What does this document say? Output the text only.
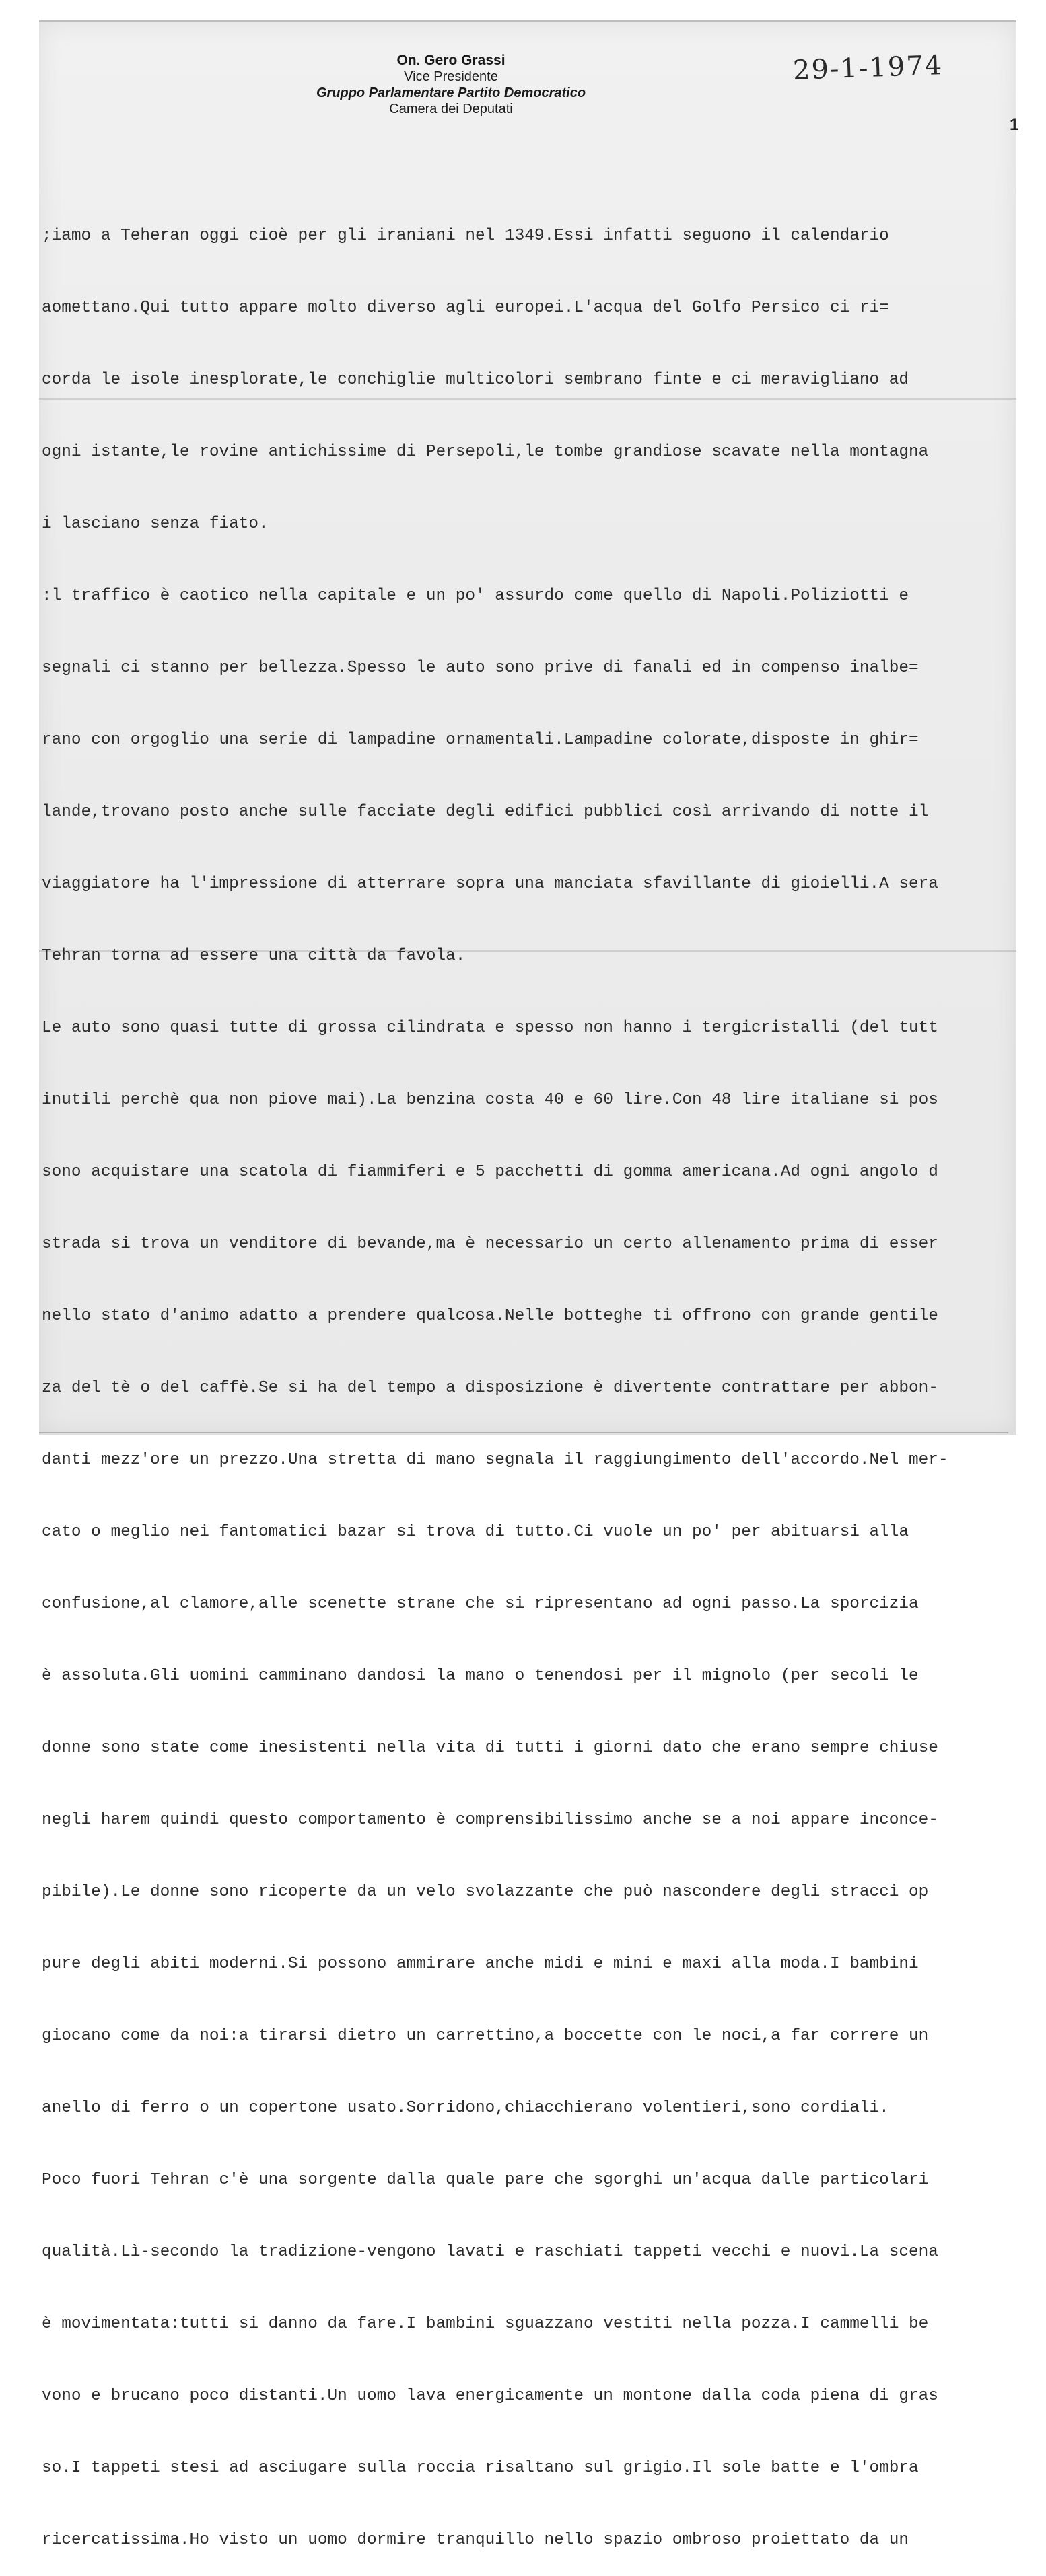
On. Gero Grassi
Vice Presidente
Gruppo Parlamentare Partito Democratico
Camera dei Deputati
29-1-1974
1

;iamo a Teheran oggi cioè per gli iraniani nel 1349.Essi infatti seguono il calendario

aomettano.Qui tutto appare molto diverso agli europei.L'acqua del Golfo Persico ci ri=

corda le isole inesplorate,le conchiglie multicolori sembrano finte e ci meravigliano ad

ogni istante,le rovine antichissime di Persepoli,le tombe grandiose scavate nella montagna

i lasciano senza fiato.

:l traffico è caotico nella capitale e un po' assurdo come quello di Napoli.Poliziotti e

segnali ci stanno per bellezza.Spesso le auto sono prive di fanali ed in compenso inalbe=

rano con orgoglio una serie di lampadine ornamentali.Lampadine colorate,disposte in ghir=

lande,trovano posto anche sulle facciate degli edifici pubblici così arrivando di notte il

viaggiatore ha l'impressione di atterrare sopra una manciata sfavillante di gioielli.A sera

Tehran torna ad essere una città da favola.

Le auto sono quasi tutte di grossa cilindrata e spesso non hanno i tergicristalli (del tutt

inutili perchè qua non piove mai).La benzina costa 40 e 60 lire.Con 48 lire italiane si pos

sono acquistare una scatola di fiammiferi e 5 pacchetti di gomma americana.Ad ogni angolo d

strada si trova un venditore di bevande,ma è necessario un certo allenamento prima di esser

nello stato d'animo adatto a prendere qualcosa.Nelle botteghe ti offrono con grande gentile

za del tè o del caffè.Se si ha del tempo a disposizione è divertente contrattare per abbon-

danti mezz'ore un prezzo.Una stretta di mano segnala il raggiungimento dell'accordo.Nel mer-

cato o meglio nei fantomatici bazar si trova di tutto.Ci vuole un po' per abituarsi alla

confusione,al clamore,alle scenette strane che si ripresentano ad ogni passo.La sporcizia

è assoluta.Gli uomini camminano dandosi la mano o tenendosi per il mignolo (per secoli le

donne sono state come inesistenti nella vita di tutti i giorni dato che erano sempre chiuse

negli harem quindi questo comportamento è comprensibilissimo anche se a noi appare inconce-

pibile).Le donne sono ricoperte da un velo svolazzante che può nascondere degli stracci op

pure degli abiti moderni.Si possono ammirare anche midi e mini e maxi alla moda.I bambini

giocano come da noi:a tirarsi dietro un carrettino,a boccette con le noci,a far correre un

anello di ferro o un copertone usato.Sorridono,chiacchierano volentieri,sono cordiali.

Poco fuori Tehran c'è una sorgente dalla quale pare che sgorghi un'acqua dalle particolari

qualità.Lì-secondo la tradizione-vengono lavati e raschiati tappeti vecchi e nuovi.La scena

è movimentata:tutti si danno da fare.I bambini sguazzano vestiti nella pozza.I cammelli be

vono e brucano poco distanti.Un uomo lava energicamente un montone dalla coda piena di gras

so.I tappeti stesi ad asciugare sulla roccia risaltano sul grigio.Il sole batte e l'ombra

ricercatissima.Ho visto un uomo dormire tranquillo nello spazio ombroso proiettato da un
